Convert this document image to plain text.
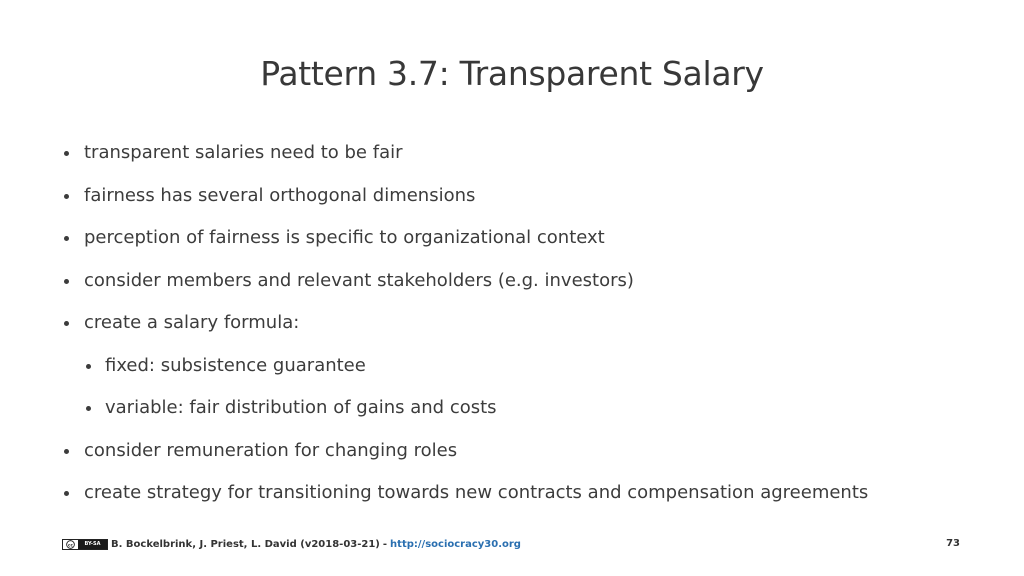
Pattern 3.7: Transparent Salary
transparent salaries need to be fair
fairness has several orthogonal dimensions
perception of fairness is speciﬁc to organizational context
consider members and relevant stakeholders (e.g. investors)
create a salary formula:
ﬁxed: subsistence guarantee
variable: fair distribution of gains and costs
consider remuneration for changing roles
create strategy for transitioning towards new contracts and compensation agreements
cc	BY-SA	B. Bockelbrink, J. Priest, L. David (v2018-03-21) - http://sociocracy30.org	73
